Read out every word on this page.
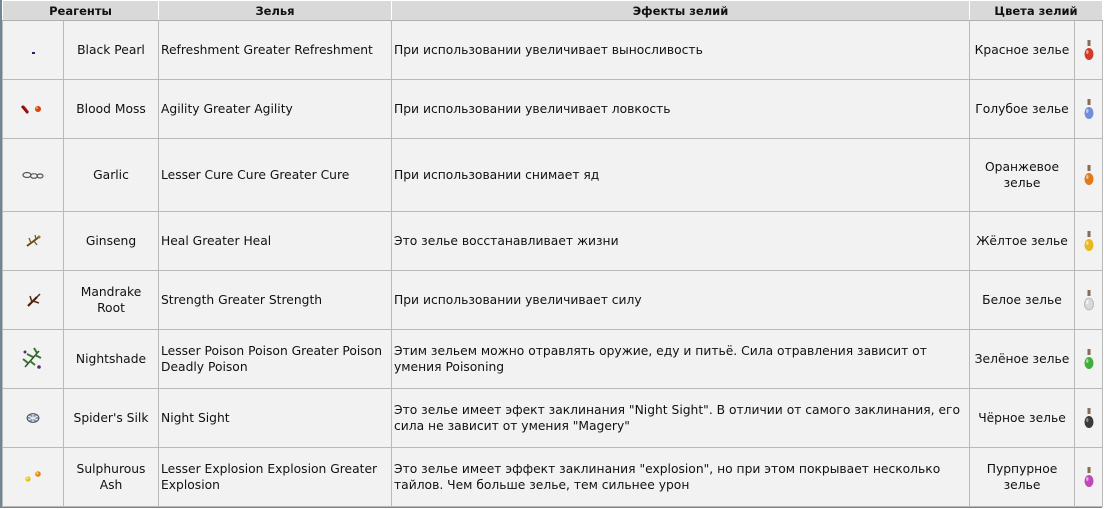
Реагенты		Зелья	Эфекты зелий	Цвета зелий	
	Black Pearl	Refreshment Greater Refreshment	При использовании увеличивает выносливость	Красное зелье	
	Blood Moss	Agility Greater Agility	При использовании увеличивает ловкость	Голубое зелье	
	Garlic	Lesser Cure Cure Greater Cure	При использовании снимает яд	Оранжевое зелье	
	Ginseng	Heal Greater Heal	Это зелье восстанавливает жизни	Жёлтое зелье	
	Mandrake Root	Strength Greater Strength	При использовании увеличивает силу	Белое зелье	
	Nightshade	Lesser Poison Poison Greater Poison Deadly Poison	Этим зельем можно отравлять оружие, еду и питьё. Сила отравления зависит от умения Poisoning	Зелёное зелье	
	Spider's Silk	Night Sight	Это зелье имеет эфект заклинания "Night Sight". В отличии от самого заклинания, его сила не зависит от умения "Magery"	Чёрное зелье	
	Sulphurous Ash	Lesser Explosion Explosion Greater Explosion	Это зелье имеет эффект заклинания "explosion", но при этом покрывает несколько тайлов. Чем больше зелье, тем сильнее урон	Пурпурное зелье	
